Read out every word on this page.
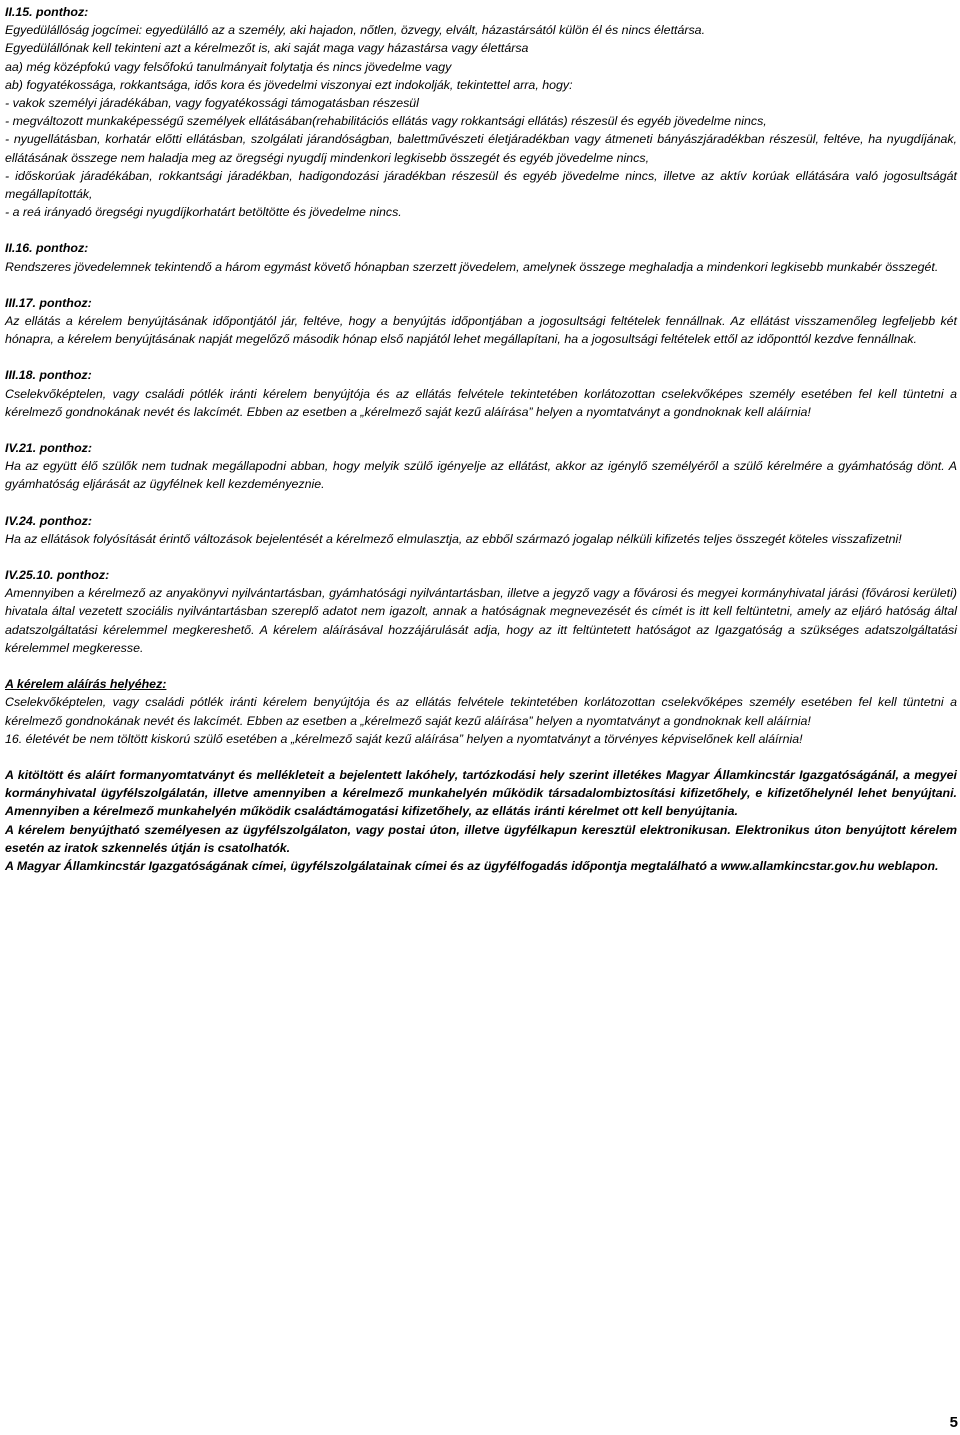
II.15. ponthoz:
Egyedülállóság jogcímei: egyedülálló az a személy, aki hajadon, nőtlen, özvegy, elvált, házastársától külön él és nincs élettársa.
Egyedülállónak kell tekinteni azt a kérelmezőt is, aki saját maga vagy házastársa vagy élettársa
aa) még középfokú vagy felsőfokú tanulmányait folytatja és nincs jövedelme vagy
ab) fogyatékossága, rokkantsága, idős kora és jövedelmi viszonyai ezt indokolják, tekintettel arra, hogy:
- vakok személyi járadékában, vagy fogyatékossági támogatásban részesül
- megváltozott munkaképességű személyek ellátásában(rehabilitációs ellátás vagy rokkantsági ellátás) részesül és egyéb jövedelme nincs,
- nyugellátásban, korhatár előtti ellátásban, szolgálati járandóságban, balettművészeti életjáradékban vagy átmeneti bányászjáradékban részesül, feltéve, ha nyugdíjának, ellátásának összege nem haladja meg az öregségi nyugdíj mindenkori legkisebb összegét és egyéb jövedelme nincs,
- időskorúak járadékában, rokkantsági járadékban, hadigondozási járadékban részesül és egyéb jövedelme nincs, illetve az aktív korúak ellátására való jogosultságát megállapították,
- a reá irányadó öregségi nyugdíjkorhatárt betöltötte és jövedelme nincs.
II.16. ponthoz:
Rendszeres jövedelemnek tekintendő a három egymást követő hónapban szerzett jövedelem, amelynek összege meghaladja a mindenkori legkisebb munkabér összegét.
III.17. ponthoz:
Az ellátás a kérelem benyújtásának időpontjától jár, feltéve, hogy a benyújtás időpontjában a jogosultsági feltételek fennállnak. Az ellátást visszamenőleg legfeljebb két hónapra, a kérelem benyújtásának napját megelőző második hónap első napjától lehet megállapítani, ha a jogosultsági feltételek ettől az időponttól kezdve fennállnak.
III.18. ponthoz:
Cselekvőképtelen, vagy családi pótlék iránti kérelem benyújtója és az ellátás felvétele tekintetében korlátozottan cselekvőképes személy esetében fel kell tüntetni a kérelmező gondnokának nevét és lakcímét. Ebben az esetben a „kérelmező saját kezű aláírása” helyen a nyomtatványt a gondnoknak kell aláírnia!
IV.21. ponthoz:
Ha az együtt élő szülők nem tudnak megállapodni abban, hogy melyik szülő igényelje az ellátást, akkor az igénylő személyéről a szülő kérelmére a gyámhatóság dönt. A gyámhatóság eljárását az ügyfélnek kell kezdeményeznie.
IV.24. ponthoz:
Ha az ellátások folyósítását érintő változások bejelentését a kérelmező elmulasztja, az ebből származó jogalap nélküli kifizetés teljes összegét köteles visszafizetni!
IV.25.10. ponthoz:
Amennyiben a kérelmező az anyakönyvi nyilvántartásban, gyámhatósági nyilvántartásban, illetve a jegyző vagy a fővárosi és megyei kormányhivatal járási (fővárosi kerületi) hivatala által vezetett szociális nyilvántartásban szereplő adatot nem igazolt, annak a hatóságnak megnevezését és címét is itt kell feltüntetni, amely az eljáró hatóság által adatszolgáltatási kérelemmel megkereshető. A kérelem aláírásával hozzájárulását adja, hogy az itt feltüntetett hatóságot az Igazgatóság a szükséges adatszolgáltatási kérelemmel megkeresse.
A kérelem aláírás helyéhez:
Cselekvőképtelen, vagy családi pótlék iránti kérelem benyújtója és az ellátás felvétele tekintetében korlátozottan cselekvőképes személy esetében fel kell tüntetni a kérelmező gondnokának nevét és lakcímét. Ebben az esetben a „kérelmező saját kezű aláírása” helyen a nyomtatványt a gondnoknak kell aláírnia!
16. életévét be nem töltött kiskorú szülő esetében a „kérelmező saját kezű aláírása” helyen a nyomtatványt a törvényes képviselőnek kell aláírnia!
A kitöltött és aláírt formanyomtatványt és mellékleteit a bejelentett lakóhely, tartózkodási hely szerint illetékes Magyar Államkincstár Igazgatóságánál, a megyei kormányhivatal ügyfélszolgálatán, illetve amennyiben a kérelmező munkahelyén működik társadalombiztosítási kifizetőhely, e kifizetőhelynél lehet benyújtani. Amennyiben a kérelmező munkahelyén működik családtámogatási kifizetőhely, az ellátás iránti kérelmet ott kell benyújtania.
A kérelem benyújtható személyesen az ügyfélszolgálaton, vagy postai úton, illetve ügyfélkapun keresztül elektronikusan. Elektronikus úton benyújtott kérelem esetén az iratok szkennelés útján is csatolhatók.
A Magyar Államkincstár Igazgatóságának címei, ügyfélszolgálatainak címei és az ügyfélfogadás időpontja megtalálható a www.allamkincstar.gov.hu weblapon.
5
